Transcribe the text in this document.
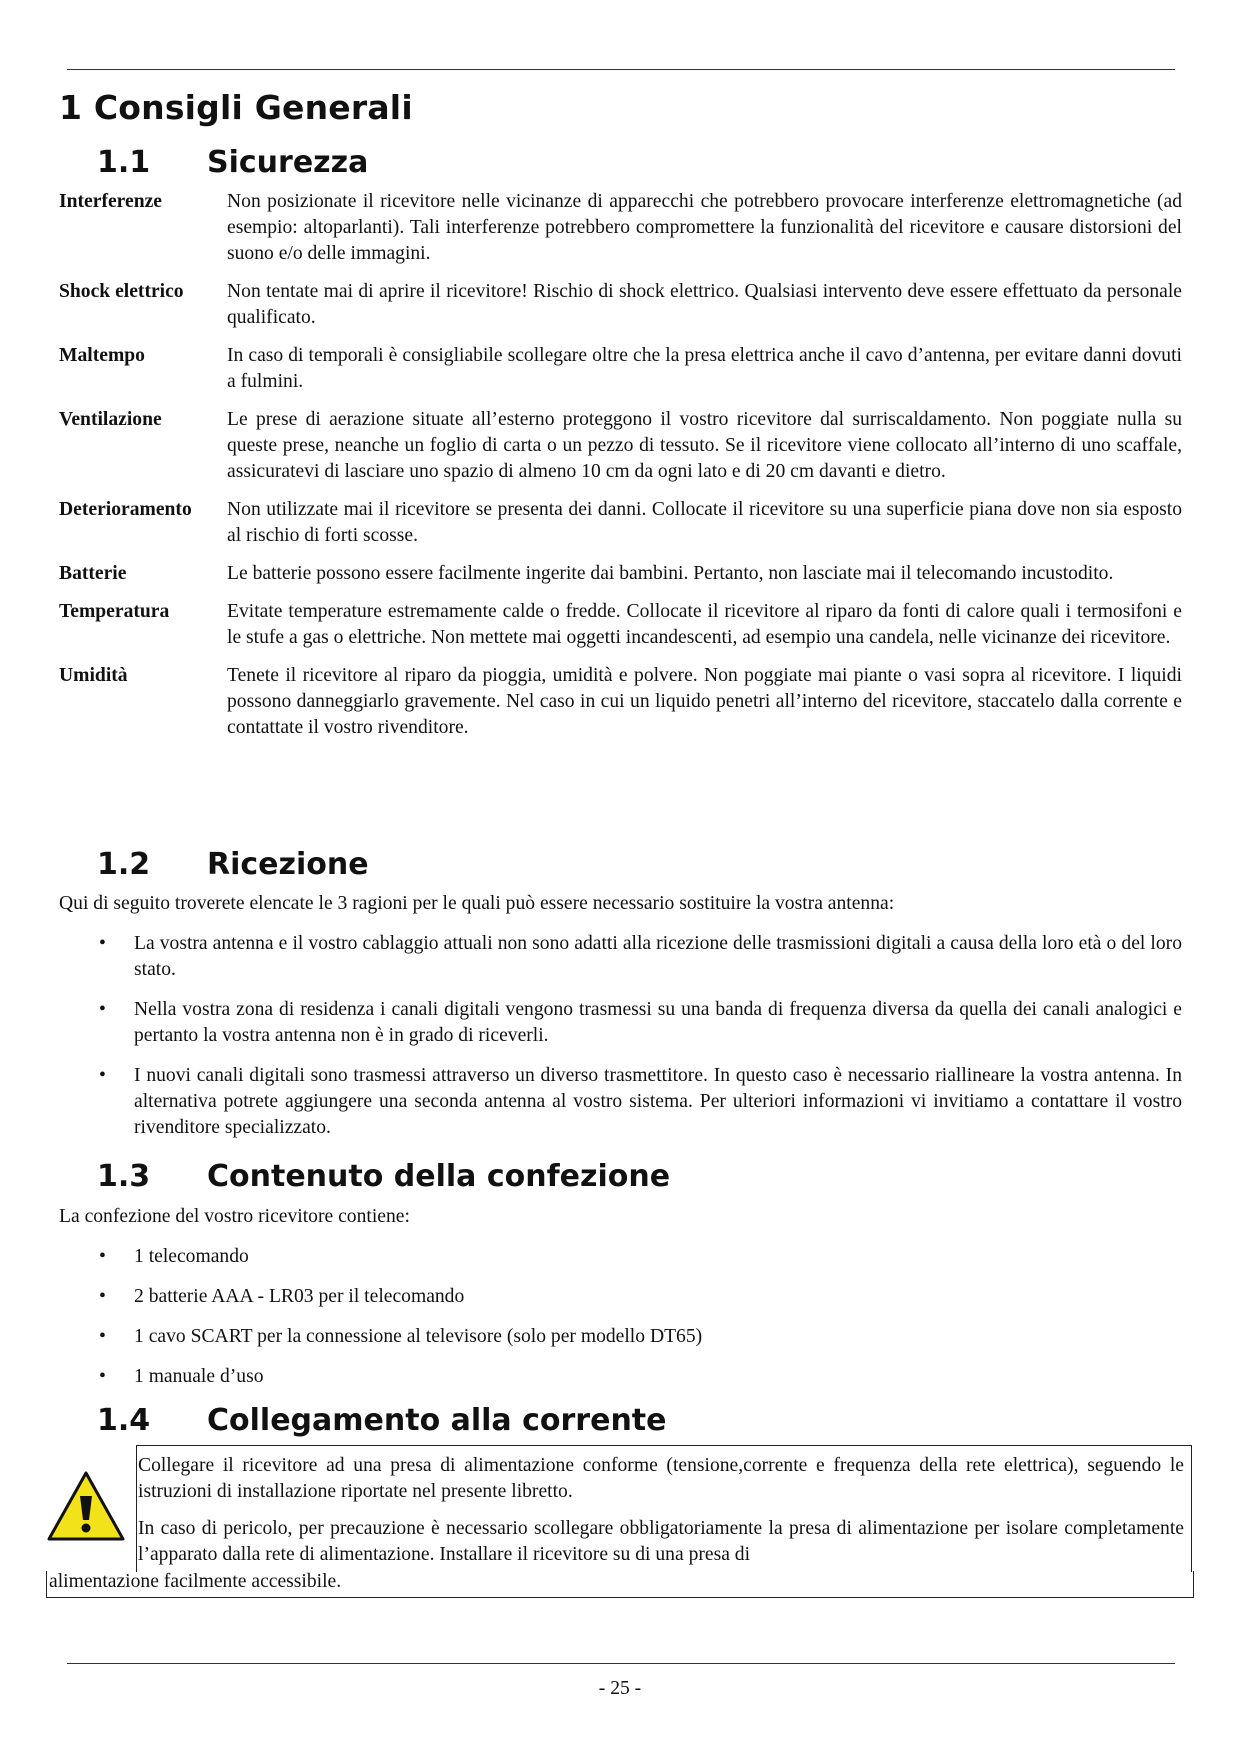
1 Consigli Generali
1.1 Sicurezza
Interferenze	Non posizionate il ricevitore nelle vicinanze di apparecchi che potrebbero provocare interferenze elettromagnetiche (ad esempio: altoparlanti). Tali interferenze potrebbero compromettere la funzionalità del ricevitore e causare distorsioni del suono e/o delle immagini.
Shock elettrico	Non tentate mai di aprire il ricevitore! Rischio di shock elettrico. Qualsiasi intervento deve essere effettuato da personale qualificato.
Maltempo	In caso di temporali è consigliabile scollegare oltre che la presa elettrica anche il cavo d’antenna, per evitare danni dovuti a fulmini.
Ventilazione	Le prese di aerazione situate all’esterno proteggono il vostro ricevitore dal surriscaldamento. Non poggiate nulla su queste prese, neanche un foglio di carta o un pezzo di tessuto. Se il ricevitore viene collocato all’interno di uno scaffale, assicuratevi di lasciare uno spazio di almeno 10 cm da ogni lato e di 20 cm davanti e dietro.
Deterioramento	Non utilizzate mai il ricevitore se presenta dei danni. Collocate il ricevitore su una superficie piana dove non sia esposto al rischio di forti scosse.
Batterie	Le batterie possono essere facilmente ingerite dai bambini. Pertanto, non lasciate mai il telecomando incustodito.
Temperatura	Evitate temperature estremamente calde o fredde. Collocate il ricevitore al riparo da fonti di calore quali i termosifoni e le stufe a gas o elettriche. Non mettete mai oggetti incandescenti, ad esempio una candela, nelle vicinanze dei ricevitore.
Umidità	Tenete il ricevitore al riparo da pioggia, umidità e polvere. Non poggiate mai piante o vasi sopra al ricevitore. I liquidi possono danneggiarlo gravemente. Nel caso in cui un liquido penetri all’interno del ricevitore, staccatelo dalla corrente e contattate il vostro rivenditore.
1.2 Ricezione
Qui di seguito troverete elencate le 3 ragioni per le quali può essere necessario sostituire la vostra antenna:
• La vostra antenna e il vostro cablaggio attuali non sono adatti alla ricezione delle trasmissioni digitali a causa della loro età o del loro stato.
• Nella vostra zona di residenza i canali digitali vengono trasmessi su una banda di frequenza diversa da quella dei canali analogici e pertanto la vostra antenna non è in grado di riceverli.
• I nuovi canali digitali sono trasmessi attraverso un diverso trasmettitore. In questo caso è necessario riallineare la vostra antenna. In alternativa potrete aggiungere una seconda antenna al vostro sistema. Per ulteriori informazioni vi invitiamo a contattare il vostro rivenditore specializzato.
1.3 Contenuto della confezione
La confezione del vostro ricevitore contiene:
• 1 telecomando
• 2 batterie AAA - LR03 per il telecomando
• 1 cavo SCART per la connessione al televisore (solo per modello DT65)
• 1 manuale d’uso
1.4 Collegamento alla corrente

Collegare il ricevitore ad una presa di alimentazione conforme (tensione,corrente e frequenza della rete elettrica), seguendo le istruzioni di installazione riportate nel presente libretto.

In caso di pericolo, per precauzione è necessario scollegare obbligatoriamente la presa di alimentazione per isolare completamente l’apparato dalla rete di alimentazione. Installare il ricevitore su di una presa di

alimentazione facilmente accessibile.
- 25 -
